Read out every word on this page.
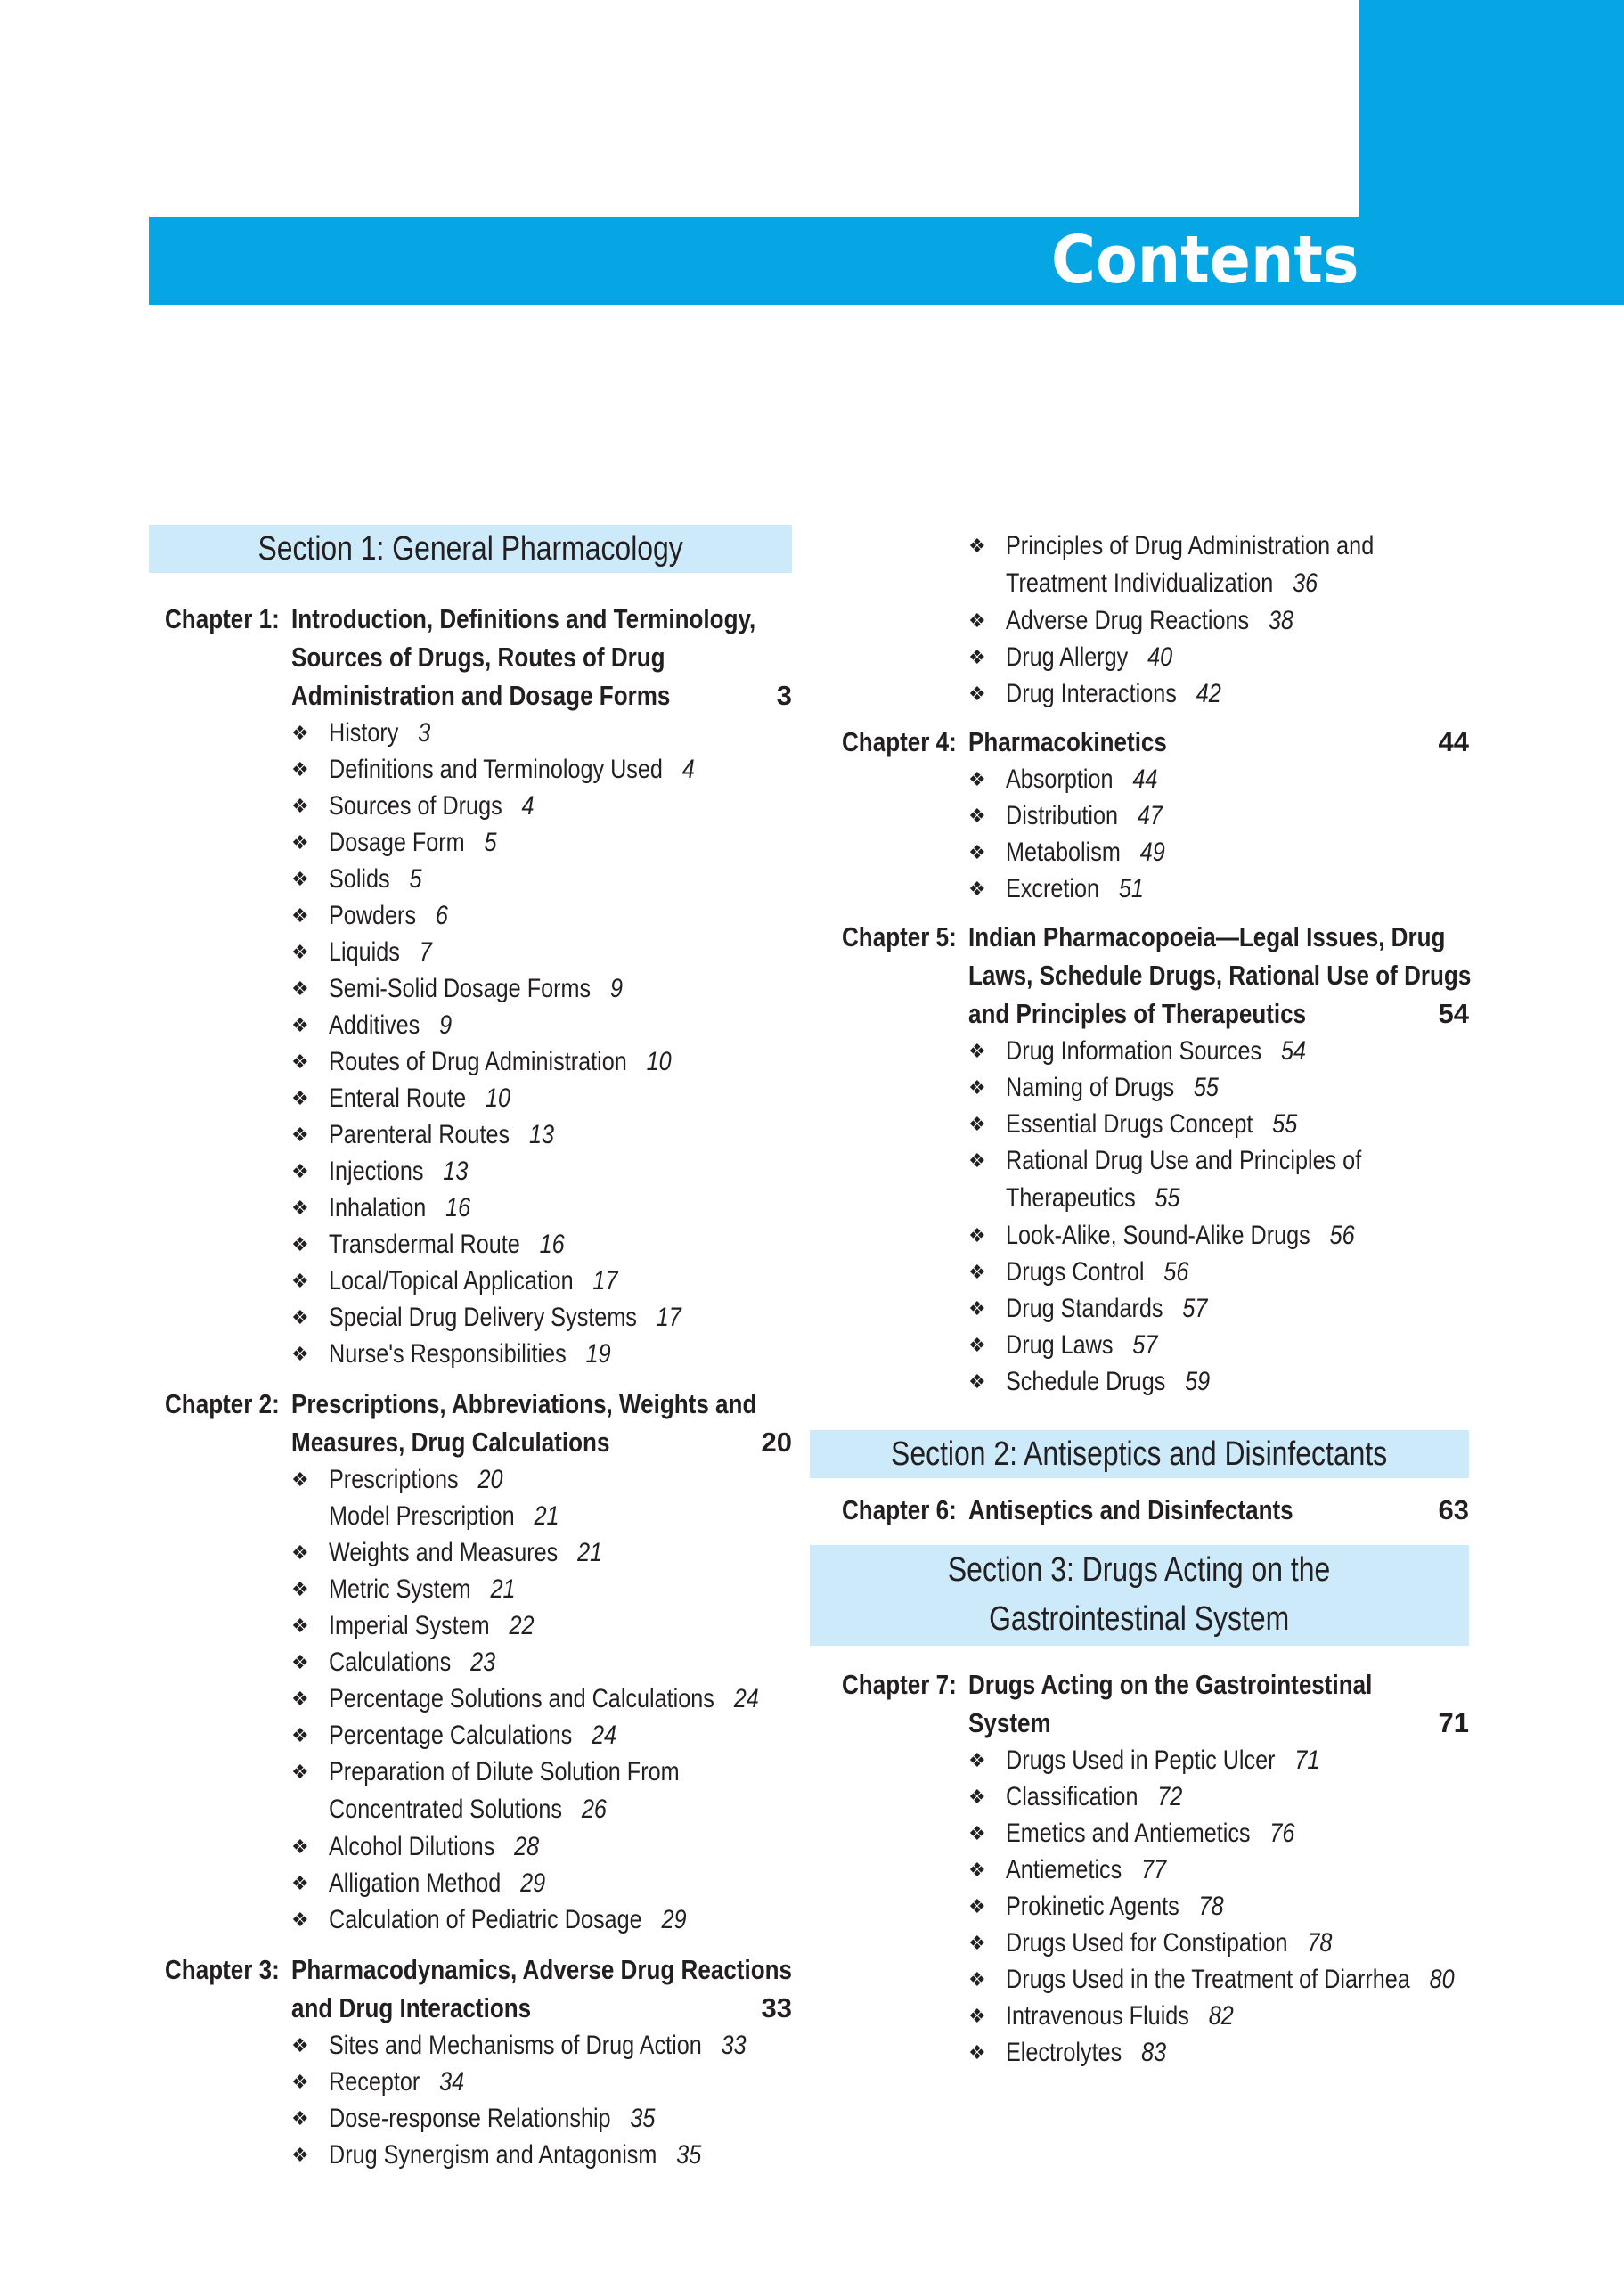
Contents
Section 1: General Pharmacology
Chapter 1: Introduction, Definitions and Terminology,
Sources of Drugs, Routes of Drug
Administration and Dosage Forms	3
❖ History 3
❖ Definitions and Terminology Used 4
❖ Sources of Drugs 4
❖ Dosage Form 5
❖ Solids 5
❖ Powders 6
❖ Liquids 7
❖ Semi-Solid Dosage Forms 9
❖ Additives 9
❖ Routes of Drug Administration 10
❖ Enteral Route 10
❖ Parenteral Routes 13
❖ Injections 13
❖ Inhalation 16
❖ Transdermal Route 16
❖ Local/Topical Application 17
❖ Special Drug Delivery Systems 17
❖ Nurse's Responsibilities 19
Chapter 2: Prescriptions, Abbreviations, Weights and
Measures, Drug Calculations	20
❖ Prescriptions 20
Model Prescription 21
❖ Weights and Measures 21
❖ Metric System 21
❖ Imperial System 22
❖ Calculations 23
❖ Percentage Solutions and Calculations 24
❖ Percentage Calculations 24
❖ Preparation of Dilute Solution From
Concentrated Solutions 26
❖ Alcohol Dilutions 28
❖ Alligation Method 29
❖ Calculation of Pediatric Dosage 29
Chapter 3: Pharmacodynamics, Adverse Drug Reactions
and Drug Interactions	33
❖ Sites and Mechanisms of Drug Action 33
❖ Receptor 34
❖ Dose-response Relationship 35
❖ Drug Synergism and Antagonism 35
❖ Principles of Drug Administration and
Treatment Individualization 36
❖ Adverse Drug Reactions 38
❖ Drug Allergy 40
❖ Drug Interactions 42
Chapter 4: Pharmacokinetics	44
❖ Absorption 44
❖ Distribution 47
❖ Metabolism 49
❖ Excretion 51
Chapter 5: Indian Pharmacopoeia—Legal Issues, Drug
Laws, Schedule Drugs, Rational Use of Drugs
and Principles of Therapeutics	54
❖ Drug Information Sources 54
❖ Naming of Drugs 55
❖ Essential Drugs Concept 55
❖ Rational Drug Use and Principles of
Therapeutics 55
❖ Look-Alike, Sound-Alike Drugs 56
❖ Drugs Control 56
❖ Drug Standards 57
❖ Drug Laws 57
❖ Schedule Drugs 59
Section 2: Antiseptics and Disinfectants
Chapter 6: Antiseptics and Disinfectants	63
Section 3: Drugs Acting on the
Gastrointestinal System
Chapter 7: Drugs Acting on the Gastrointestinal
System	71
❖ Drugs Used in Peptic Ulcer 71
❖ Classification 72
❖ Emetics and Antiemetics 76
❖ Antiemetics 77
❖ Prokinetic Agents 78
❖ Drugs Used for Constipation 78
❖ Drugs Used in the Treatment of Diarrhea 80
❖ Intravenous Fluids 82
❖ Electrolytes 83
